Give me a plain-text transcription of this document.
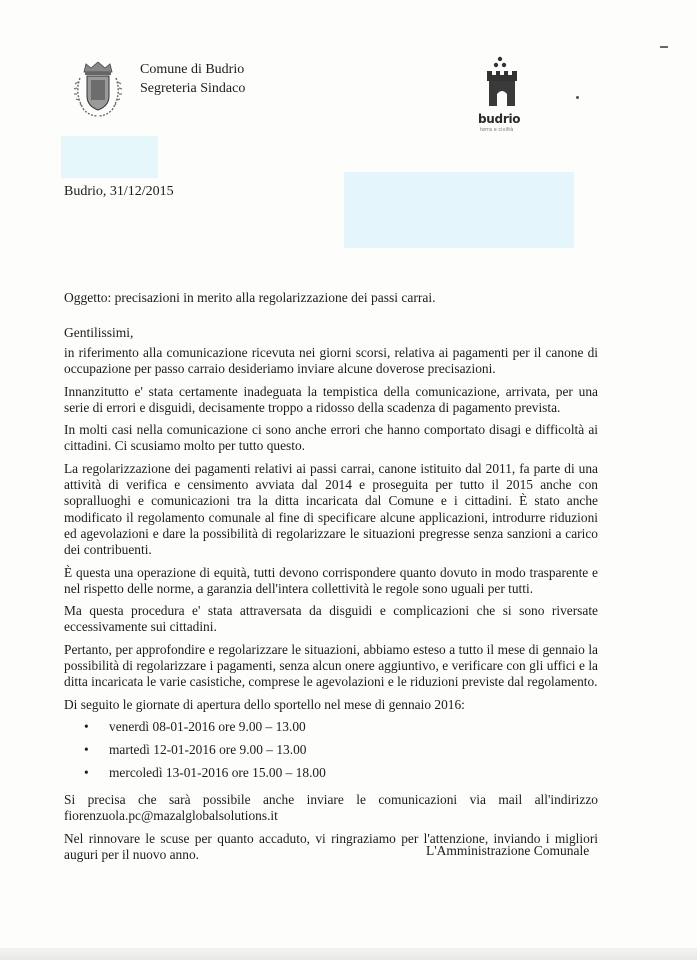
Comune di Budrio
Segreteria Sindaco
budrio
terra e civiltà
Budrio, 31/12/2015
Oggetto: precisazioni in merito alla regolarizzazione dei passi carrai.
Gentilissimi,

in riferimento alla comunicazione ricevuta nei giorni scorsi, relativa ai pagamenti per il canone di occupazione per passo carraio desideriamo inviare alcune doverose precisazioni.

Innanzitutto e' stata certamente inadeguata la tempistica della comunicazione, arrivata, per una serie di errori e disguidi, decisamente troppo a ridosso della scadenza di pagamento prevista.

In molti casi nella comunicazione ci sono anche errori che hanno comportato disagi e difficoltà ai cittadini. Ci scusiamo molto per tutto questo.

La regolarizzazione dei pagamenti relativi ai passi carrai, canone istituito dal 2011, fa parte di una attività di verifica e censimento avviata dal 2014 e proseguita per tutto il 2015 anche con sopralluoghi e comunicazioni tra la ditta incaricata dal Comune e i cittadini. È stato anche modificato il regolamento comunale al fine di specificare alcune applicazioni, introdurre riduzioni ed agevolazioni e dare la possibilità di regolarizzare le situazioni pregresse senza sanzioni a carico dei contribuenti.

È questa una operazione di equità, tutti devono corrispondere quanto dovuto in modo trasparente e nel rispetto delle norme, a garanzia dell'intera collettività le regole sono uguali per tutti.

Ma questa procedura e' stata attraversata da disguidi e complicazioni che si sono riversate eccessivamente sui cittadini.

Pertanto, per approfondire e regolarizzare le situazioni, abbiamo esteso a tutto il mese di gennaio la possibilità di regolarizzare i pagamenti, senza alcun onere aggiuntivo, e verificare con gli uffici e la ditta incaricata le varie casistiche, comprese le agevolazioni e le riduzioni previste dal regolamento.

Di seguito le giornate di apertura dello sportello nel mese di gennaio 2016:

• venerdì 08-01-2016 ore 9.00 – 13.00
• martedì 12-01-2016 ore 9.00 – 13.00
• mercoledì 13-01-2016 ore 15.00 – 18.00

Si precisa che sarà possibile anche inviare le comunicazioni via mail all'indirizzo fiorenzuola.pc@mazalglobalsolutions.it

Nel rinnovare le scuse per quanto accaduto, vi ringraziamo per l'attenzione, inviando i migliori auguri per il nuovo anno.	L'Amministrazione Comunale
